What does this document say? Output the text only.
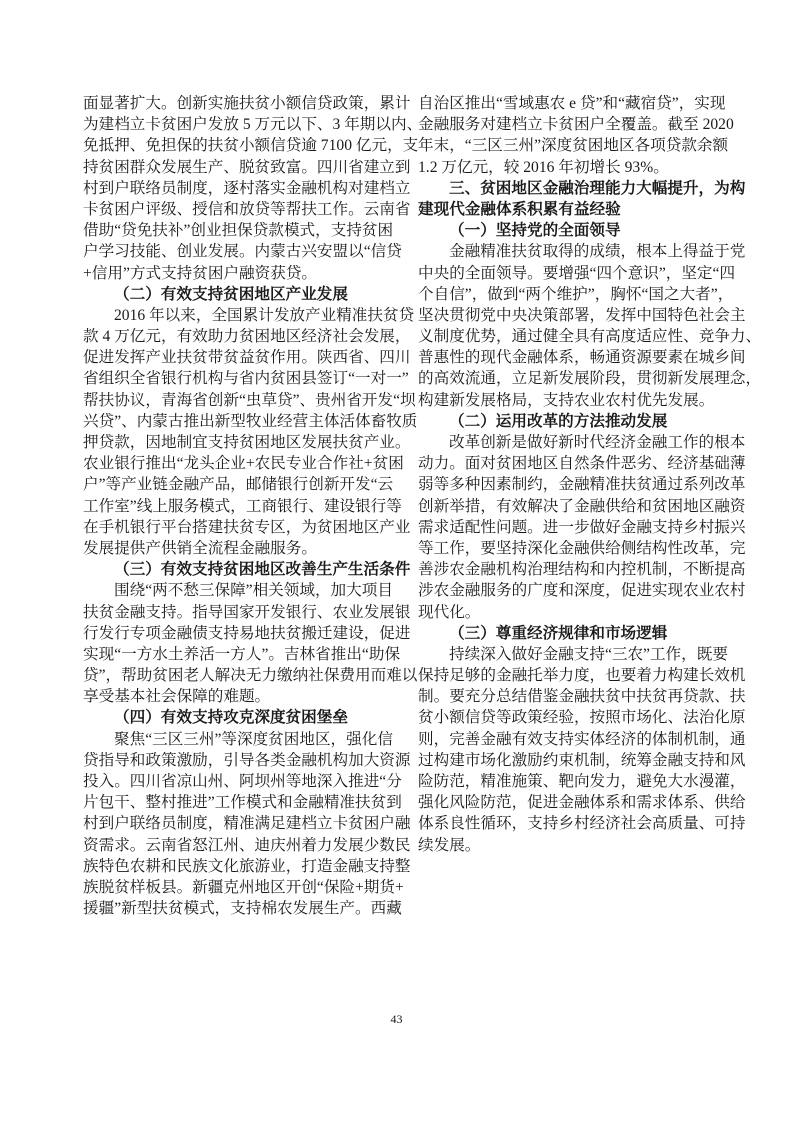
面显著扩大。创新实施扶贫小额信贷政策，累计
为建档立卡贫困户发放 5 万元以下、3 年期以内、
免抵押、免担保的扶贫小额信贷逾 7100 亿元，支
持贫困群众发展生产、脱贫致富。四川省建立到
村到户联络员制度，逐村落实金融机构对建档立
卡贫困户评级、授信和放贷等帮扶工作。云南省
借助“贷免扶补”创业担保贷款模式，支持贫困
户学习技能、创业发展。内蒙古兴安盟以“信贷
+信用”方式支持贫困户融资获贷。
（二）有效支持贫困地区产业发展
2016 年以来，全国累计发放产业精准扶贫贷
款 4 万亿元，有效助力贫困地区经济社会发展，
促进发挥产业扶贫带贫益贫作用。陕西省、四川
省组织全省银行机构与省内贫困县签订“一对一”
帮扶协议，青海省创新“虫草贷”、贵州省开发“坝
兴贷”、内蒙古推出新型牧业经营主体活体畜牧质
押贷款，因地制宜支持贫困地区发展扶贫产业。
农业银行推出“龙头企业+农民专业合作社+贫困
户”等产业链金融产品，邮储银行创新开发“云
工作室”线上服务模式，工商银行、建设银行等
在手机银行平台搭建扶贫专区，为贫困地区产业
发展提供产供销全流程金融服务。
（三）有效支持贫困地区改善生产生活条件
围绕“两不愁三保障”相关领域，加大项目
扶贫金融支持。指导国家开发银行、农业发展银
行发行专项金融债支持易地扶贫搬迁建设，促进
实现“一方水土养活一方人”。吉林省推出“助保
贷”，帮助贫困老人解决无力缴纳社保费用而难以
享受基本社会保障的难题。
（四）有效支持攻克深度贫困堡垒
聚焦“三区三州”等深度贫困地区，强化信
贷指导和政策激励，引导各类金融机构加大资源
投入。四川省凉山州、阿坝州等地深入推进“分
片包干、整村推进”工作模式和金融精准扶贫到
村到户联络员制度，精准满足建档立卡贫困户融
资需求。云南省怒江州、迪庆州着力发展少数民
族特色农耕和民族文化旅游业，打造金融支持整
族脱贫样板县。新疆克州地区开创“保险+期货+
援疆”新型扶贫模式，支持棉农发展生产。西藏
自治区推出“雪域惠农 e 贷”和“藏宿贷”，实现
金融服务对建档立卡贫困户全覆盖。截至 2020
年末，“三区三州”深度贫困地区各项贷款余额
1.2 万亿元，较 2016 年初增长 93%。
三、贫困地区金融治理能力大幅提升，为构
建现代金融体系积累有益经验
（一）坚持党的全面领导
金融精准扶贫取得的成绩，根本上得益于党
中央的全面领导。要增强“四个意识”，坚定“四
个自信”，做到“两个维护”，胸怀“国之大者”，
坚决贯彻党中央决策部署，发挥中国特色社会主
义制度优势，通过健全具有高度适应性、竞争力、
普惠性的现代金融体系，畅通资源要素在城乡间
的高效流通，立足新发展阶段，贯彻新发展理念，
构建新发展格局，支持农业农村优先发展。
（二）运用改革的方法推动发展
改革创新是做好新时代经济金融工作的根本
动力。面对贫困地区自然条件恶劣、经济基础薄
弱等多种因素制约，金融精准扶贫通过系列改革
创新举措，有效解决了金融供给和贫困地区融资
需求适配性问题。进一步做好金融支持乡村振兴
等工作，要坚持深化金融供给侧结构性改革，完
善涉农金融机构治理结构和内控机制，不断提高
涉农金融服务的广度和深度，促进实现农业农村
现代化。
（三）尊重经济规律和市场逻辑
持续深入做好金融支持“三农”工作，既要
保持足够的金融托举力度，也要着力构建长效机
制。要充分总结借鉴金融扶贫中扶贫再贷款、扶
贫小额信贷等政策经验，按照市场化、法治化原
则，完善金融有效支持实体经济的体制机制，通
过构建市场化激励约束机制，统筹金融支持和风
险防范，精准施策、靶向发力，避免大水漫灌，
强化风险防范，促进金融体系和需求体系、供给
体系良性循环，支持乡村经济社会高质量、可持
续发展。
43
